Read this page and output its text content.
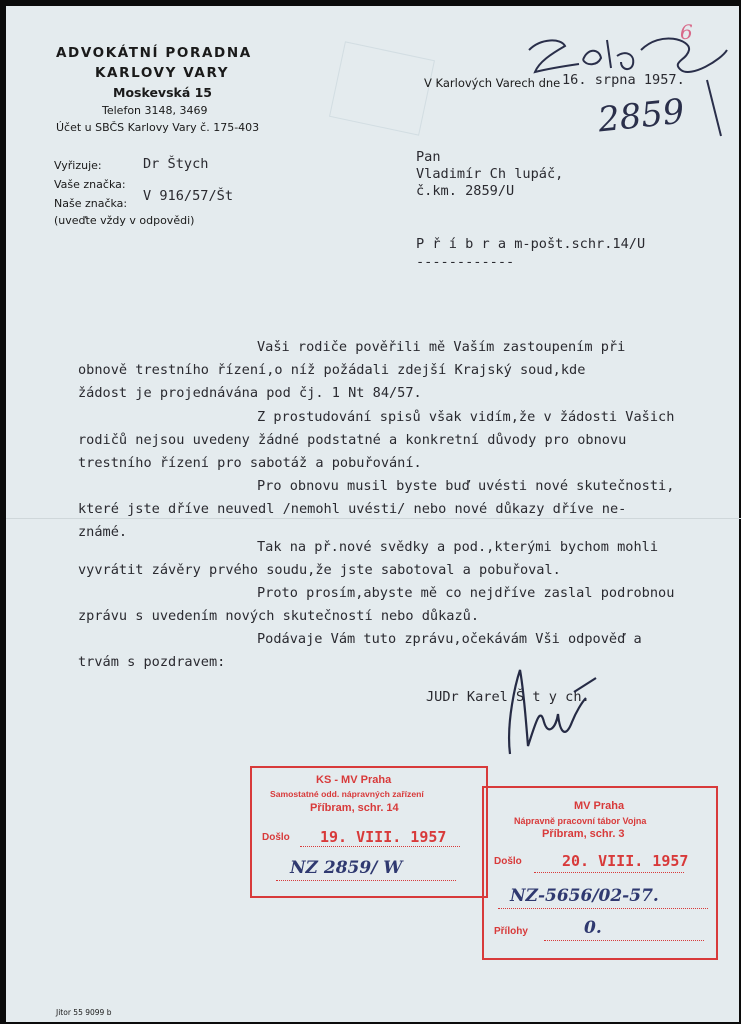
ADVOKÁTNÍ PORADNA
KARLOVY VARY
Moskevská 15
Telefon 3148, 3469
Účet u SBČS Karlovy Vary č. 175-403
Vyřizuje:	Dr Štych
Vaše značka:
Naše značka: V 916/57/Št
(uveďte vždy v odpovědi)
V Karlových Varech dne 16. srpna 1957.
6
2859
Pan
Vladimír Ch lupáč,
č.km. 2859/U
P ř í b r a m-pošt.schr.14/U
------------
Vaši rodiče pověřili mě Vaším zastoupením při
obnově trestního řízení,o níž požádali zdejší Krajský soud,kde
žádost je projednávána pod čj. 1 Nt 84/57.
Z prostudování spisů však vidím,že v žádosti Vašich
rodičů nejsou uvedeny žádné podstatné a konkretní důvody pro obnovu
trestního řízení pro sabotáž a pobuřování.
Pro obnovu musil byste buď uvésti nové skutečnosti,
které jste dříve neuvedl /nemohl uvésti/ nebo nové důkazy dříve ne-
známé.
Tak na př.nové svědky a pod.,kterými bychom mohli
vyvrátit závěry prvého soudu,že jste sabotoval a pobuřoval.
Proto prosím,abyste mě co nejdříve zaslal podrobnou
zprávu s uvedením nových skutečností nebo důkazů.
Podávaje Vám tuto zprávu,očekávám Vši odpověď a
trvám s pozdravem:
JUDr Karel Š t y ch.
KS - MV Praha
Samostatné odd. nápravných zařízení
Příbram, schr. 14
Došlo 19. VIII. 1957
NZ 2859/ W
MV Praha
Nápravně pracovní tábor Vojna
Příbram, schr. 3
Došlo	20. VIII. 1957
NZ-5656/02-57.
Přílohy	0.
Jitor 55 9099 b
